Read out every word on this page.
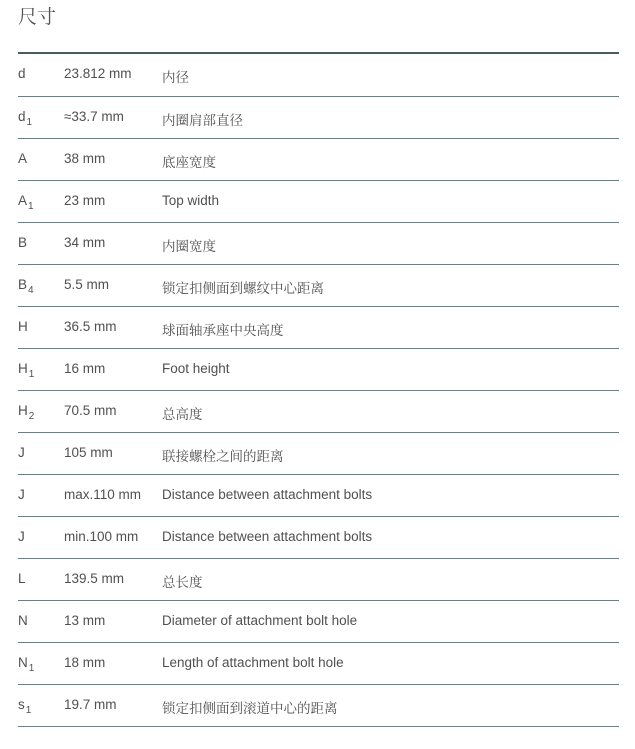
尺寸
d	23.812 mm	内径
$d_1$	≈33.7 mm	内圈肩部直径
A	38 mm	底座宽度
$A_1$	23 mm	Top width
B	34 mm	内圈宽度
$B_4$	5.5 mm	锁定扣侧面到螺纹中心距离
H	36.5 mm	球面轴承座中央高度
$H_1$	16 mm	Foot height
$H_2$	70.5 mm	总高度
J	105 mm	联接螺栓之间的距离
J	max.110 mm	Distance between attachment bolts
J	min.100 mm	Distance between attachment bolts
L	139.5 mm	总长度
N	13 mm	Diameter of attachment bolt hole
$N_1$	18 mm	Length of attachment bolt hole
$s_1$	19.7 mm	锁定扣侧面到滚道中心的距离
